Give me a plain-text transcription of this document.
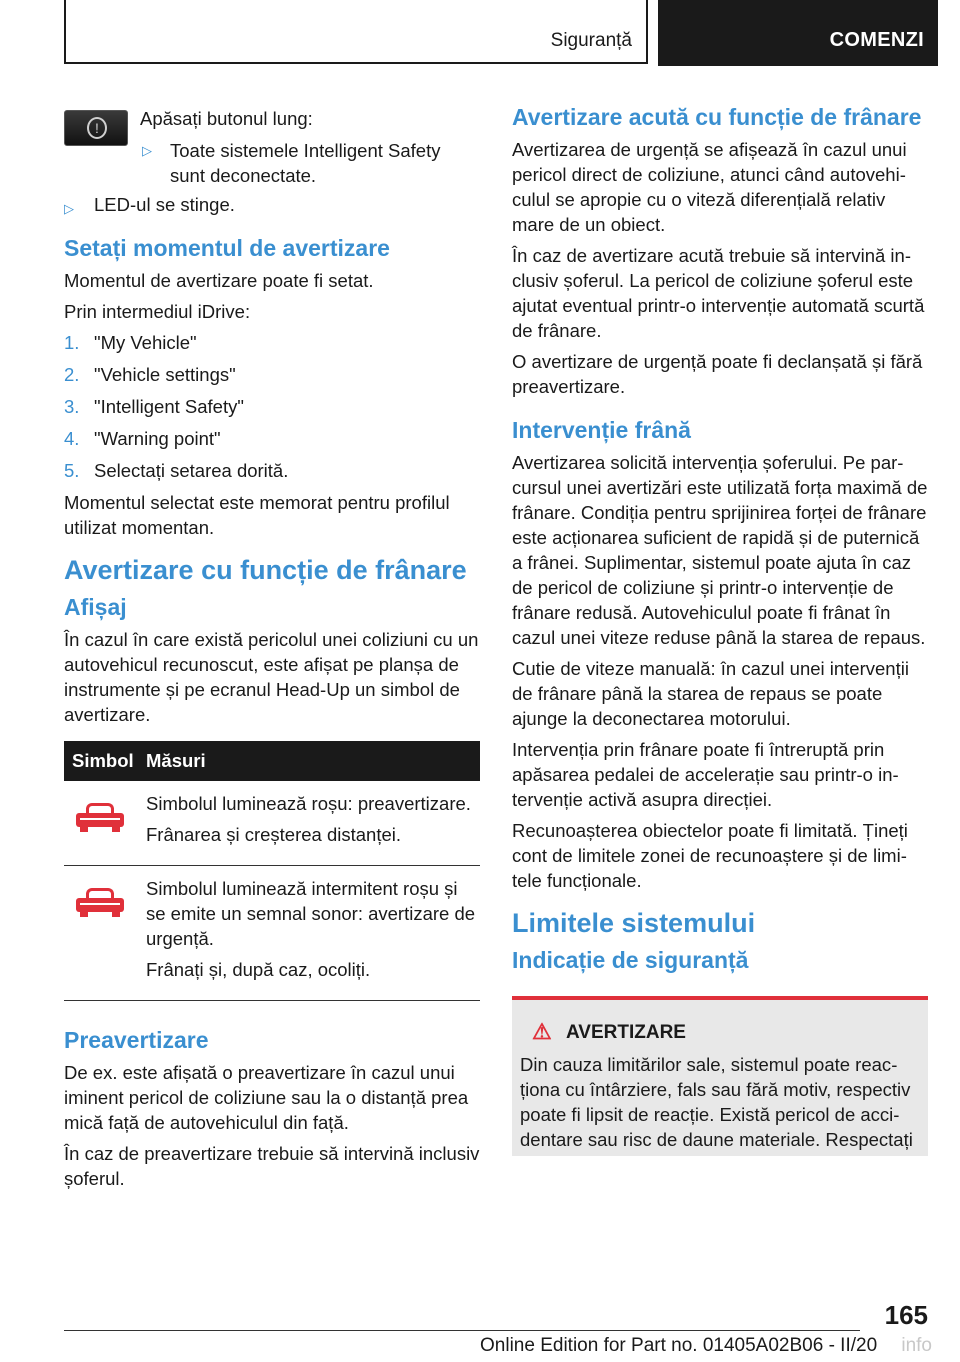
Siguranță	COMENZI
!	Apăsați butonul lung:
▷ Toate sistemele Intelligent Safety sunt deconectate.
▷ LED-ul se stinge.
Setați momentul de avertizare

Momentul de avertizare poate fi setat.

Prin intermediul iDrive:

1. "My Vehicle"
2. "Vehicle settings"
3. "Intelligent Safety"
4. "Warning point"
5. Selectați setarea dorită.

Momentul selectat este memorat pentru profilul utilizat momentan.

Avertizare cu funcție de frânare
Afișaj

În cazul în care există pericolul unei coliziuni cu un autovehicul recunoscut, este afișat pe planșa de instrumente și pe ecranul Head-Up un simbol de avertizare.

Simbol	Măsuri

	Simbolul luminează roșu: preavertizare.

Frânarea și creșterea distanței.

	Simbolul luminează intermitent roșu și se emite un semnal sonor: avertizare de urgență.

Frânați și, după caz, ocoliți.

Preavertizare

De ex. este afișată o preavertizare în cazul unui iminent pericol de coliziune sau la o distanță prea mică față de autovehiculul din față.

În caz de preavertizare trebuie să intervină inclusiv șoferul.

Avertizare acută cu funcție de frânare

Avertizarea de urgență se afișează în cazul unui pericol direct de coliziune, atunci când autovehiculul se apropie cu o viteză diferențială relativ mare de un obiect.

În caz de avertizare acută trebuie să intervină inclusiv șoferul. La pericol de coliziune șoferul este ajutat eventual printr-o intervenție automată scurtă de frânare.

O avertizare de urgență poate fi declanșată și fără preavertizare.

Intervenție frână

Avertizarea solicită intervenția șoferului. Pe parcursul unei avertizări este utilizată forța maximă de frânare. Condiția pentru sprijinirea forței de frânare este acționarea suficient de rapidă și de puternică a frânei. Suplimentar, sistemul poate ajuta în caz de pericol de coliziune și printr-o intervenție de frânare redusă. Autovehiculul poate fi frânat în cazul unei viteze reduse până la starea de repaus.

Cutie de viteze manuală: în cazul unei intervenții de frânare până la starea de repaus se poate ajunge la deconectarea motorului.

Intervenția prin frânare poate fi întreruptă prin apăsarea pedalei de accelerație sau printr-o intervenție activă asupra direcției.

Recunoașterea obiectelor poate fi limitată. Țineți cont de limitele zonei de recunoaștere și de limitele funcționale.

Limitele sistemului
Indicație de siguranță
⚠ AVERTIZARE

Din cauza limitărilor sale, sistemul poate reacționa cu întârziere, fals sau fără motiv, respectiv poate fi lipsit de reacție. Există pericol de accidentare sau risc de daune materiale. Respectați

165
Online Edition for Part no. 01405A02B06 - II/20 info
